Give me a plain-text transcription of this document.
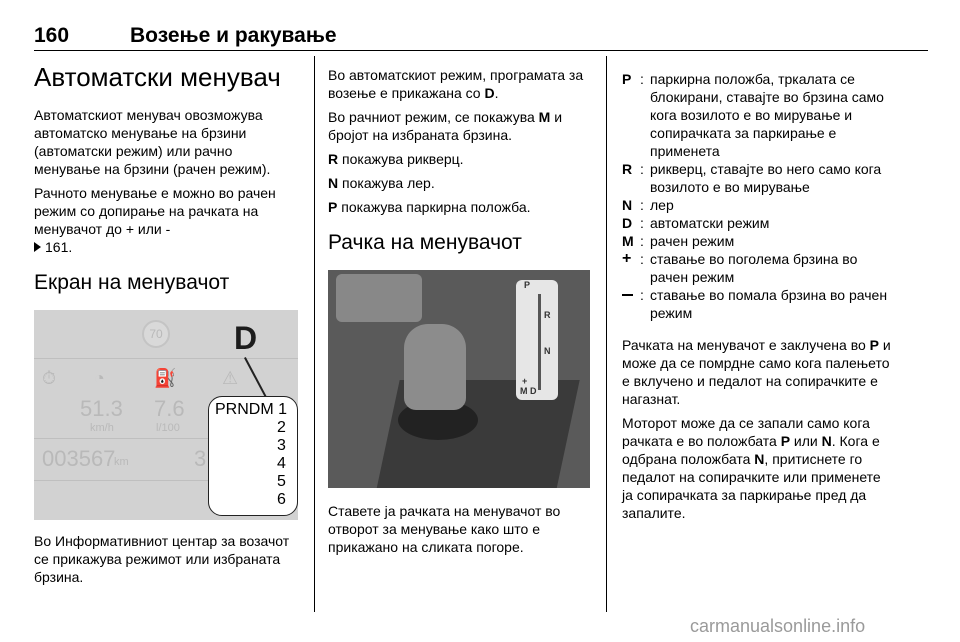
160	Возење и ракување
Автоматски менувач

Автоматскиот менувач овозможува автоматско менување на брзини (автоматски режим) или рачно менување на брзини (рачен режим).

Рачното менување е можно во рачен режим со допирање на рачката на менувачот до + или -
161.

Екран на менувачот
70 D
⏱ ◔	⛽	⚠
51.3
km/h
7.6
l/100
003567
km	3
PRNDM 1
2
3
4
5
6

Во Информативниот центар за возачот се прикажува режимот или избраната брзина.

Во автоматскиот режим, програмата за возење е прикажана со D.

Во рачниот режим, се покажува M и бројот на избраната брзина.

R покажува рикверц.

N покажува лер.

P покажува паркирна положба.

Рачка на менувачот
P
R
N
+
M D

Ставете ја рачката на менувачот во отворот за менување како што е прикажано на сликата погоре.

P : паркирна положба, тркалата се блокирани, ставајте во брзина само кога возилото е во мирување и сопирачката за паркирање е применета
R : рикверц, ставајте во него само кога возилото е во мирување
N : лер
D : автоматски режим
M : рачен режим
+ : ставање во поголема брзина во рачен режим
: ставање во помала брзина во рачен режим

Рачката на менувачот е заклучена во P и може да се помрдне само кога палењето е вклучено и педалот на сопирачките е нагазнат.

Моторот може да се запали само кога рачката е во положбата P или N. Кога е одбрана положбата N, притиснете го педалот на сопирачките или применете ја сопирачката за паркирање пред да запалите.

carmanualsonline.info
